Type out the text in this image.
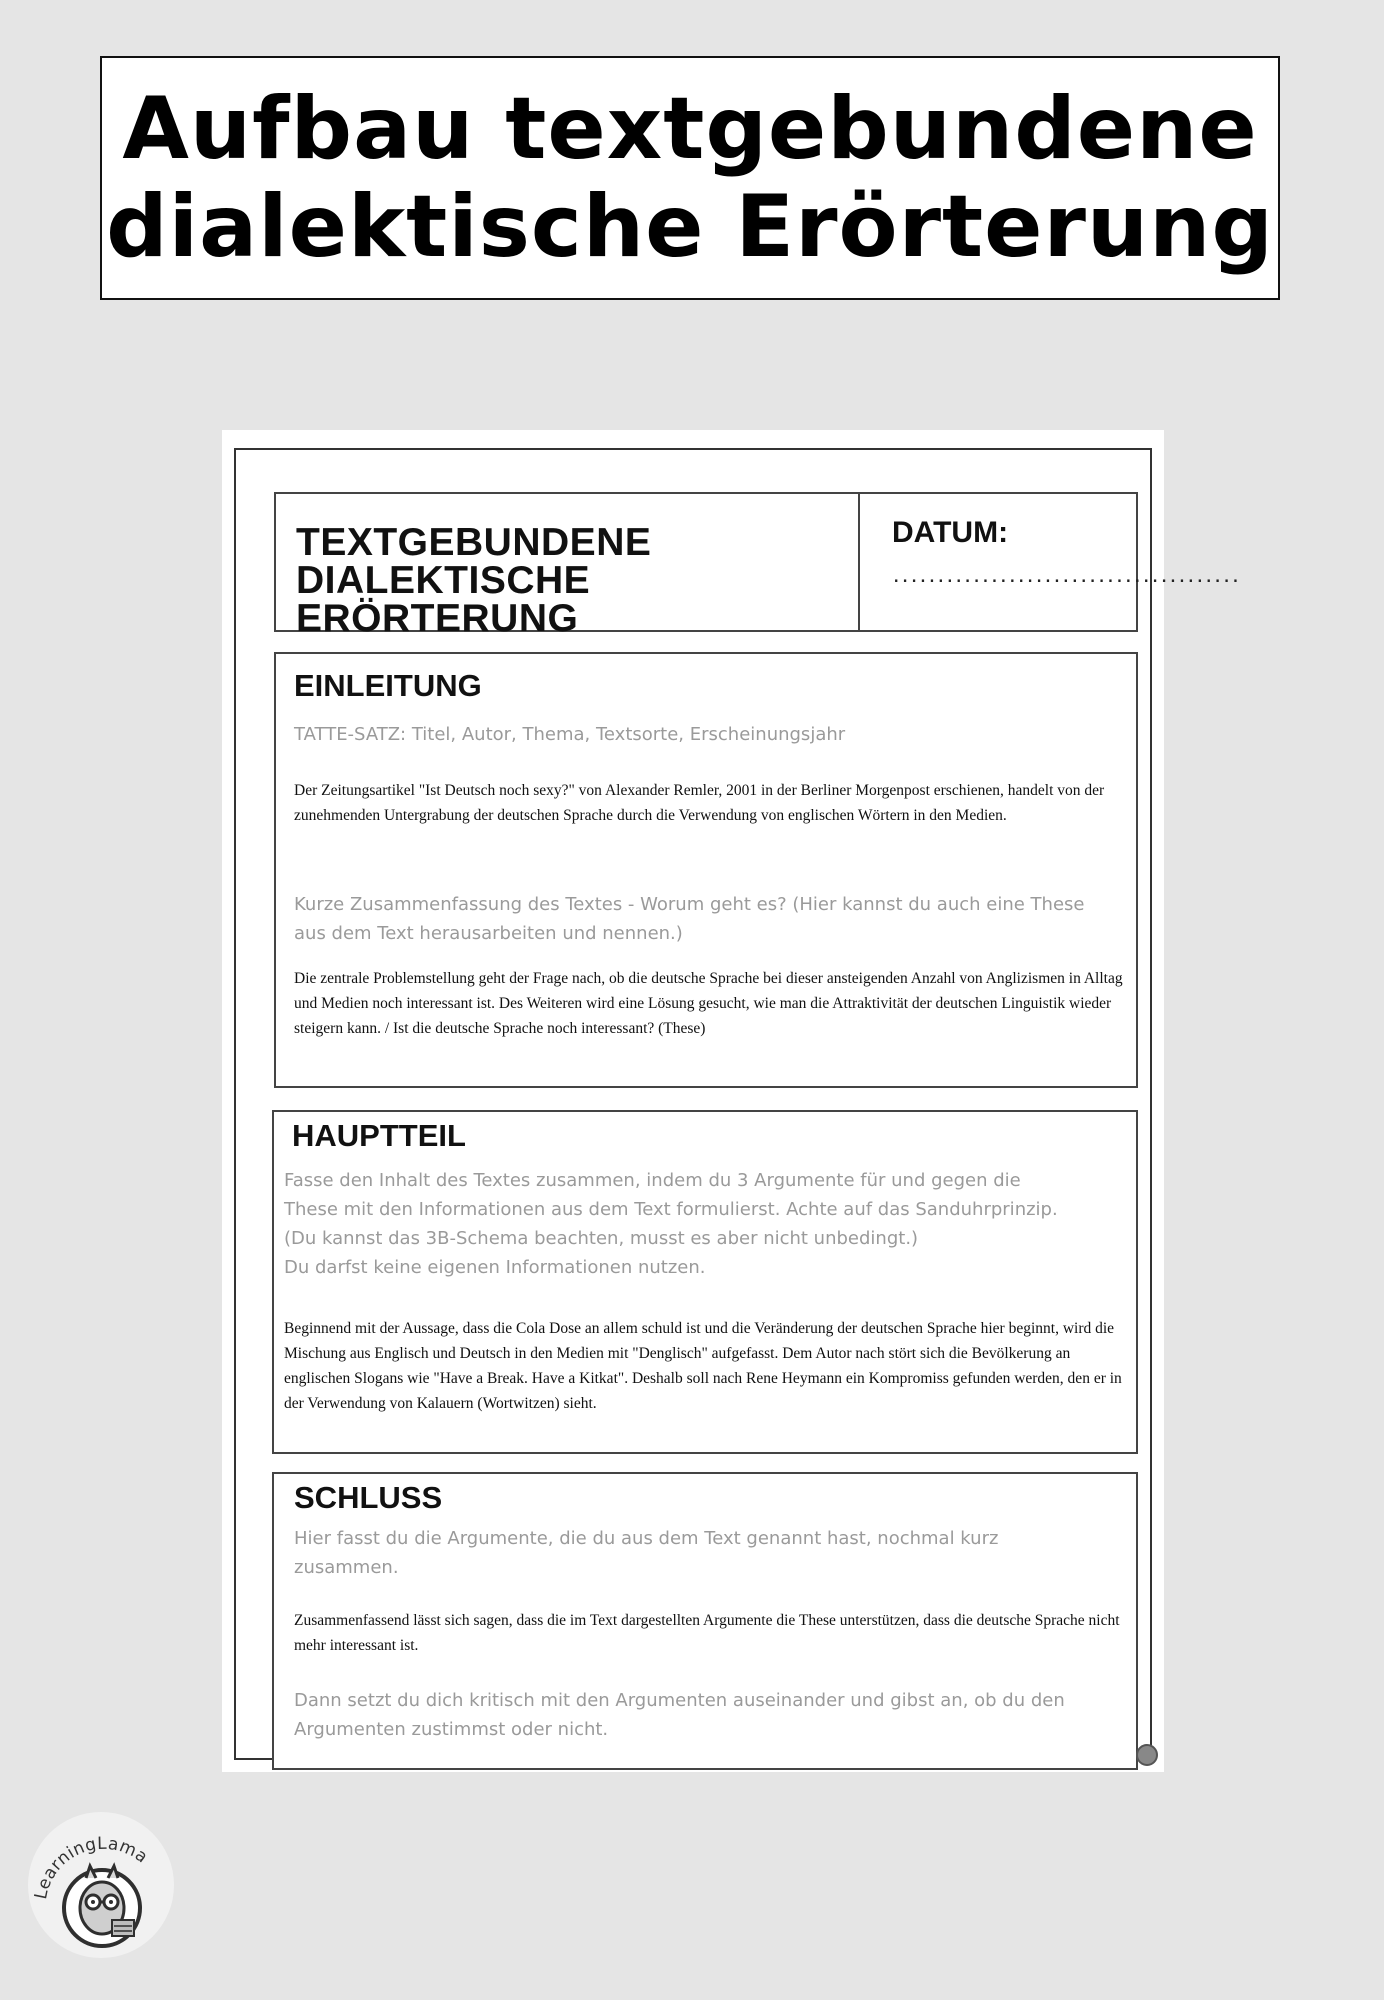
Aufbau textgebundene
dialektische Erörterung
TEXTGEBUNDENE
DIALEKTISCHE ERÖRTERUNG
DATUM:
.......................................
EINLEITUNG
TATTE-SATZ: Titel, Autor, Thema, Textsorte, Erscheinungsjahr
Der Zeitungsartikel "Ist Deutsch noch sexy?" von Alexander Remler, 2001 in der Berliner Morgenpost erschienen, handelt von der zunehmenden Untergrabung der deutschen Sprache durch die Verwendung von englischen Wörtern in den Medien.
Kurze Zusammenfassung des Textes - Worum geht es? (Hier kannst du auch eine These aus dem Text herausarbeiten und nennen.)
Die zentrale Problemstellung geht der Frage nach, ob die deutsche Sprache bei dieser ansteigenden Anzahl von Anglizismen in Alltag und Medien noch interessant ist. Des Weiteren wird eine Lösung gesucht, wie man die Attraktivität der deutschen Linguistik wieder steigern kann. / Ist die deutsche Sprache noch interessant? (These)
HAUPTTEIL
Fasse den Inhalt des Textes zusammen, indem du 3 Argumente für und gegen die
These mit den Informationen aus dem Text formulierst. Achte auf das Sanduhrprinzip.
(Du kannst das 3B-Schema beachten, musst es aber nicht unbedingt.)
Du darfst keine eigenen Informationen nutzen.
Beginnend mit der Aussage, dass die Cola Dose an allem schuld ist und die Veränderung der deutschen Sprache hier beginnt, wird die Mischung aus Englisch und Deutsch in den Medien mit "Denglisch" aufgefasst. Dem Autor nach stört sich die Bevölkerung an englischen Slogans wie "Have a Break. Have a Kitkat". Deshalb soll nach Rene Heymann ein Kompromiss gefunden werden, den er in der Verwendung von Kalauern (Wortwitzen) sieht.
SCHLUSS
Hier fasst du die Argumente, die du aus dem Text genannt hast, nochmal kurz zusammen.
Zusammenfassend lässt sich sagen, dass die im Text dargestellten Argumente die These unterstützen, dass die deutsche Sprache nicht mehr interessant ist.
Dann setzt du dich kritisch mit den Argumenten auseinander und gibst an, ob du den Argumenten zustimmst oder nicht.
LearningLama
